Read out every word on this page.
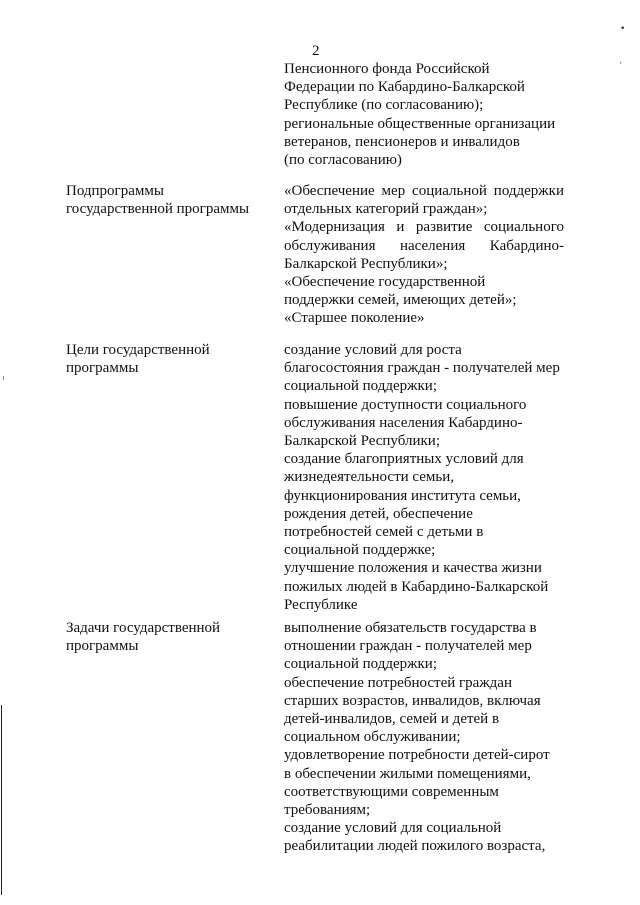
2
Пенсионного фонда Российской
Федерации по Кабардино-Балкарской
Республике (по согласованию);
региональные общественные организации
ветеранов, пенсионеров и инвалидов
(по согласованию)
Подпрограммы
государственной программы
«Обеспечение мер социальной поддержки
отдельных категорий граждан»;
«Модернизация и развитие социального
обслуживания населения Кабардино-
Балкарской Республики»;
«Обеспечение государственной
поддержки семей, имеющих детей»;
«Старшее поколение»
Цели государственной
программы
создание условий для роста
благосостояния граждан - получателей мер
социальной поддержки;
повышение доступности социального
обслуживания населения Кабардино-
Балкарской Республики;
создание благоприятных условий для
жизнедеятельности семьи,
функционирования института семьи,
рождения детей, обеспечение
потребностей семей с детьми в
социальной поддержке;
улучшение положения и качества жизни
пожилых людей в Кабардино-Балкарской
Республике
Задачи государственной
программы
выполнение обязательств государства в
отношении граждан - получателей мер
социальной поддержки;
обеспечение потребностей граждан
старших возрастов, инвалидов, включая
детей-инвалидов, семей и детей в
социальном обслуживании;
удовлетворение потребности детей-сирот
в обеспечении жилыми помещениями,
соответствующими современным
требованиям;
создание условий для социальной
реабилитации людей пожилого возраста,
•
´
